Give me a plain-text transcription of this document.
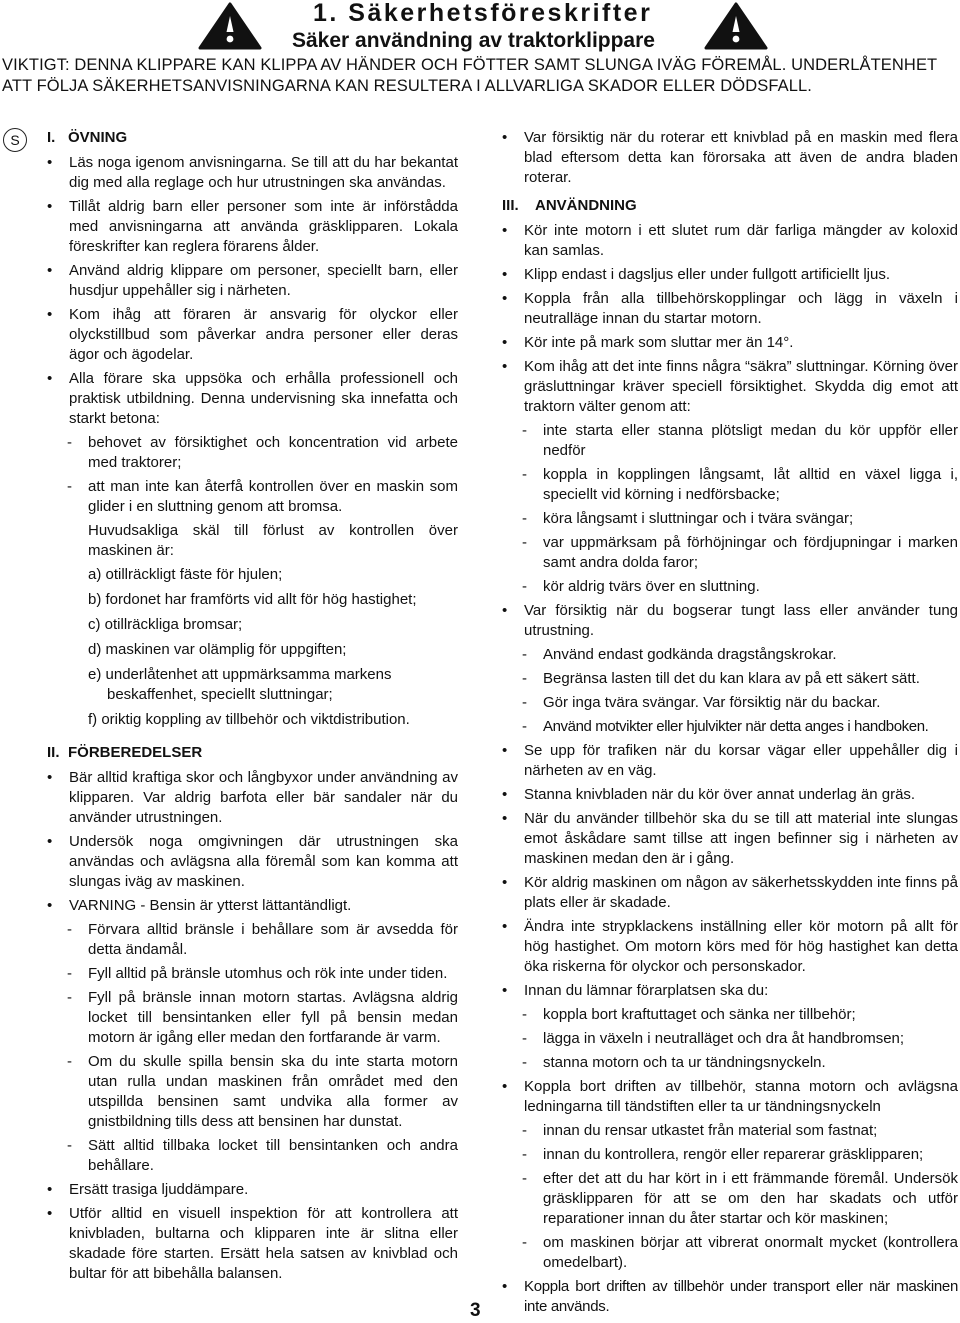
1. Säkerhetsföreskrifter
Säker användning av traktorklippare
VIKTIGT: DENNA KLIPPARE KAN KLIPPA AV HÄNDER OCH FÖTTER SAMT SLUNGA IVÄG FÖREMÅL. UNDERLÅTENHET ATT FÖLJA SÄKERHETSANVISNINGARNA KAN RESULTERA I ALLVARLIGA SKADOR ELLER DÖDSFALL.
S	I. ÖVNING
• Läs noga igenom anvisningarna. Se till att du har bekantat dig med alla reglage och hur utrustningen ska användas.
• Tillåt aldrig barn eller personer som inte är införstådda med anvisningarna att använda gräsklipparen. Lokala föreskrifter kan reglera förarens ålder.
• Använd aldrig klippare om personer, speciellt barn, eller husdjur uppehåller sig i närheten.
• Kom ihåg att föraren är ansvarig för olyckor eller olyckstillbud som påverkar andra personer eller deras ägor och ägodelar.
• Alla förare ska uppsöka och erhålla professionell och praktisk utbildning. Denna undervisning ska innefatta och starkt betona:
- behovet av försiktighet och koncentration vid arbete med traktorer;
- att man inte kan återfå kontrollen över en maskin som glider i en sluttning genom att bromsa.
Huvudsakliga skäl till förlust av kontrollen över maskinen är:
a) otillräckligt fäste för hjulen;
b) fordonet har framförts vid allt för hög hastighet;
c) otillräckliga bromsar;
d) maskinen var olämplig för uppgiften;
e) underlåtenhet att uppmärksamma markens beskaffenhet, speciellt sluttningar;
f) oriktig koppling av tillbehör och viktdistribution.
II. FÖRBEREDELSER
• Bär alltid kraftiga skor och långbyxor under användning av klipparen. Var aldrig barfota eller bär sandaler när du använder utrustningen.
• Undersök noga omgivningen där utrustningen ska användas och avlägsna alla föremål som kan komma att slungas iväg av maskinen.
• VARNING - Bensin är ytterst lättantändligt.
- Förvara alltid bränsle i behållare som är avsedda för detta ändamål.
- Fyll alltid på bränsle utomhus och rök inte under tiden.
- Fyll på bränsle innan motorn startas. Avlägsna aldrig locket till bensintanken eller fyll på bensin medan motorn är igång eller medan den fortfarande är varm.
- Om du skulle spilla bensin ska du inte starta motorn utan rulla undan maskinen från området med den utspillda bensinen samt undvika alla former av gnistbildning tills dess att bensinen har dunstat.
- Sätt alltid tillbaka locket till bensintanken och andra behållare.
• Ersätt trasiga ljuddämpare.
• Utför alltid en visuell inspektion för att kontrollera att knivbladen, bultarna och klipparen inte är slitna eller skadade före starten. Ersätt hela satsen av knivblad och bultar för att bibehålla balansen.
• Var försiktig när du roterar ett knivblad på en maskin med flera blad eftersom detta kan förorsaka att även de andra bladen roterar.
III. ANVÄNDNING
• Kör inte motorn i ett slutet rum där farliga mängder av koloxid kan samlas.
• Klipp endast i dagsljus eller under fullgott artificiellt ljus.
• Koppla från alla tillbehörskopplingar och lägg in växeln i neutralläge innan du startar motorn.
• Kör inte på mark som sluttar mer än 14°.
• Kom ihåg att det inte finns några “säkra” sluttningar. Körning över gräsluttningar kräver speciell försiktighet. Skydda dig emot att traktorn välter genom att:
- inte starta eller stanna plötsligt medan du kör uppför eller nedför
- koppla in kopplingen långsamt, låt alltid en växel ligga i, speciellt vid körning i nedförsbacke;
- köra långsamt i sluttningar och i tvära svängar;
- var uppmärksam på förhöjningar och fördjupningar i marken samt andra dolda faror;
- kör aldrig tvärs över en sluttning.
• Var försiktig när du bogserar tungt lass eller använder tung utrustning.
- Använd endast godkända dragstångskrokar.
- Begränsa lasten till det du kan klara av på ett säkert sätt.
- Gör inga tvära svängar. Var försiktig när du backar.
- Använd motvikter eller hjulvikter när detta anges i handboken.
• Se upp för trafiken när du korsar vägar eller uppehåller dig i närheten av en väg.
• Stanna knivbladen när du kör över annat underlag än gräs.
• När du använder tillbehör ska du se till att material inte slungas emot åskådare samt tillse att ingen befinner sig i närheten av maskinen medan den är i gång.
• Kör aldrig maskinen om någon av säkerhetsskydden inte finns på plats eller är skadade.
• Ändra inte strypklackens inställning eller kör motorn på allt för hög hastighet. Om motorn körs med för hög hastighet kan detta öka riskerna för olyckor och personskador.
• Innan du lämnar förarplatsen ska du:
- koppla bort kraftuttaget och sänka ner tillbehör;
- lägga in växeln i neutralläget och dra åt handbromsen;
- stanna motorn och ta ur tändningsnyckeln.
• Koppla bort driften av tillbehör, stanna motorn och avlägsna ledningarna till tändstiften eller ta ur tändningsnyckeln
- innan du rensar utkastet från material som fastnat;
- innan du kontrollera, rengör eller reparerar gräsklipparen;
- efter det att du har kört in i ett främmande föremål. Undersök gräsklipparen för att se om den har skadats och utför reparationer innan du åter startar och kör maskinen;
- om maskinen börjar att vibrerat onormalt mycket (kontrollera omedelbart).
• Koppla bort driften av tillbehör under transport eller när maskinen inte används.
3
